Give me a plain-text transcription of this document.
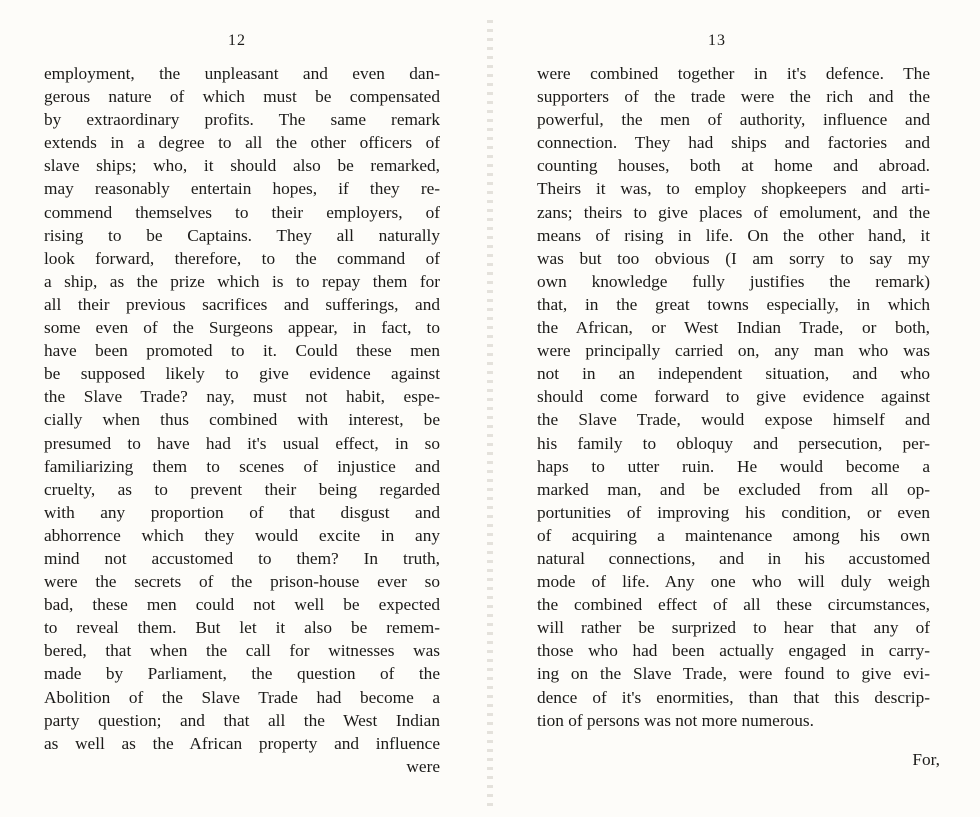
12
employment, the unpleasant and even dan-
gerous nature of which must be compensated
by extraordinary profits. The same remark
extends in a degree to all the other officers of
slave ships; who, it should also be remarked,
may reasonably entertain hopes, if they re-
commend themselves to their employers, of
rising to be Captains. They all naturally
look forward, therefore, to the command of
a ship, as the prize which is to repay them for
all their previous sacrifices and sufferings, and
some even of the Surgeons appear, in fact, to
have been promoted to it. Could these men
be supposed likely to give evidence against
the Slave Trade? nay, must not habit, espe-
cially when thus combined with interest, be
presumed to have had it's usual effect, in so
familiarizing them to scenes of injustice and
cruelty, as to prevent their being regarded
with any proportion of that disgust and
abhorrence which they would excite in any
mind not accustomed to them? In truth,
were the secrets of the prison-house ever so
bad, these men could not well be expected
to reveal them. But let it also be remem-
bered, that when the call for witnesses was
made by Parliament, the question of the
Abolition of the Slave Trade had become a
party question; and that all the West Indian
as well as the African property and influence
were
13
were combined together in it's defence. The
supporters of the trade were the rich and the
powerful, the men of authority, influence and
connection. They had ships and factories and
counting houses, both at home and abroad.
Theirs it was, to employ shopkeepers and arti-
zans; theirs to give places of emolument, and the
means of rising in life. On the other hand, it
was but too obvious (I am sorry to say my
own knowledge fully justifies the remark)
that, in the great towns especially, in which
the African, or West Indian Trade, or both,
were principally carried on, any man who was
not in an independent situation, and who
should come forward to give evidence against
the Slave Trade, would expose himself and
his family to obloquy and persecution, per-
haps to utter ruin. He would become a
marked man, and be excluded from all op-
portunities of improving his condition, or even
of acquiring a maintenance among his own
natural connections, and in his accustomed
mode of life. Any one who will duly weigh
the combined effect of all these circumstances,
will rather be surprized to hear that any of
those who had been actually engaged in carry-
ing on the Slave Trade, were found to give evi-
dence of it's enormities, than that this descrip-
tion of persons was not more numerous.
For,
